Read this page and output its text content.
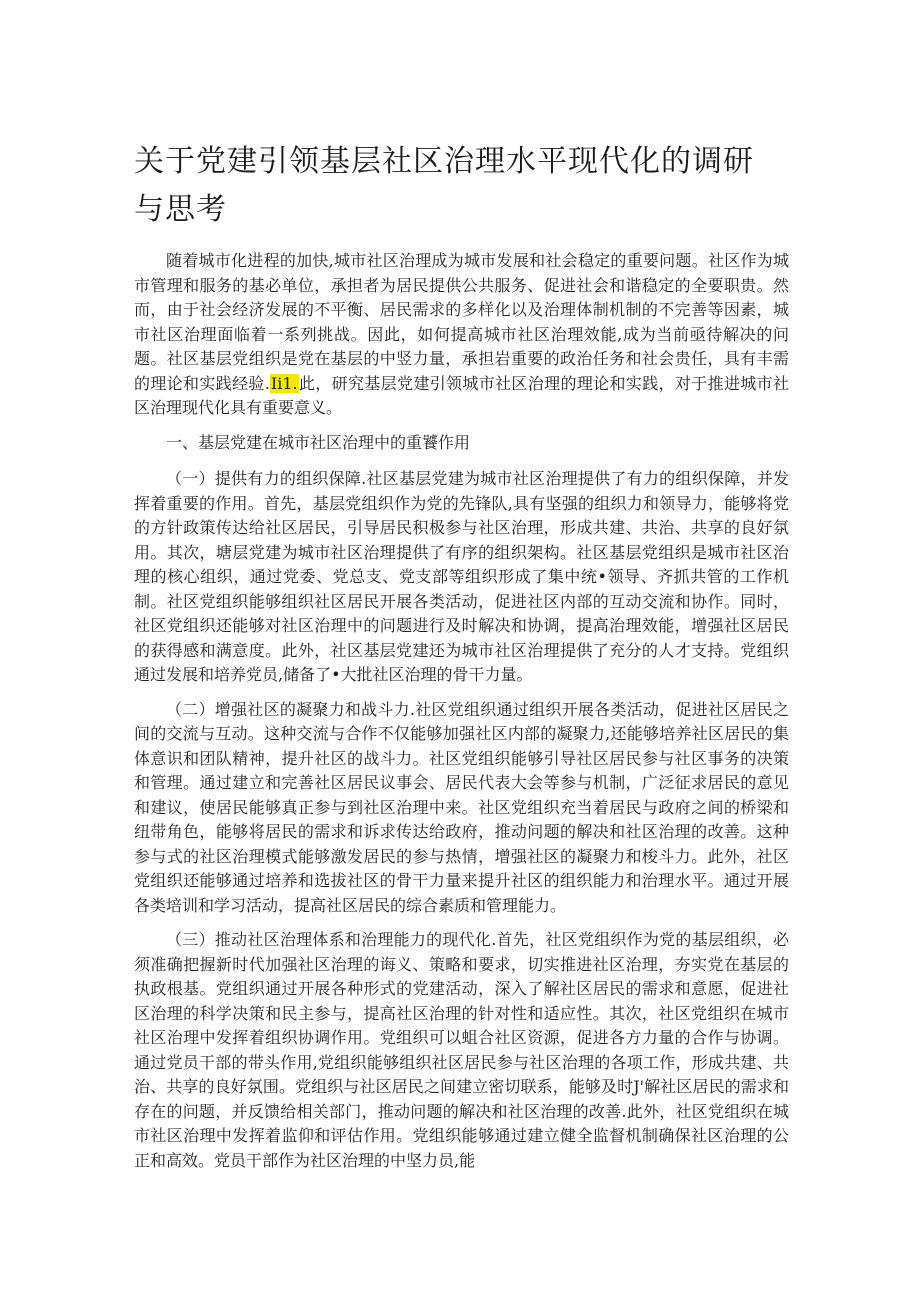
关于党建引领基层社区治理水平现代化的调研与思考

随着城市化进程的加快,城市社区治理成为城市发展和社会稳定的重要问题。社区作为城市管理和服务的基必单位，承担者为居民提供公共服务、促进社会和谐稳定的全要职贵。然而，由于社会经济发展的不平衡、居民需求的多样化以及治理体制机制的不完善等因素，城市社区治理面临着一系列挑战。因此，如何提高城市社区治理效能,成为当前亟待解决的问题。社区基层党组织是党在基层的中竖力量，承担岩重要的政治任务和社会贵任，具有丰需的理论和实践经验.Ii1.此，研究基层党建引领城市社区治理的理论和实践，对于推进城市社区治理现代化具有重要意义。

一、基层党建在城市社区治理中的重饕作用

（一）提供有力的组织保障.社区基层党建为城市社区治理提供了有力的组织保障，并发挥着重要的作用。首先，基层党组织作为党的先锋队,具有坚强的组织力和领导力，能够将党的方针政策传达给社区居民，引导居民积极参与社区治理，形成共建、共治、共享的良好氛用。其次，塘层党建为城市社区治理提供了有序的组织架构。社区基层党组织是城市社区治理的核心组织，通过党委、党总支、党支部等组织形成了集中统•领导、齐抓共管的工作机制。社区党组织能够组织社区居民开展各类活动，促进社区内部的互动交流和协作。同时，社区党组织还能够对社区治理中的问题进行及时解决和协调，提高治理效能，增强社区居民的获得感和满意度。此外，社区基层党建还为城市社区治理提供了充分的人才支持。党组织通过发展和培养党员,储备了•大批社区治理的骨干力量。

（二）增强社区的凝聚力和战斗力.社区党组织通过组织开展各类活动，促进社区居民之间的交流与互动。这种交流与合作不仅能够加强社区内部的凝聚力,还能够培养社区居民的集体意识和团队精神，提升社区的战斗力。社区党组织能够引导社区居民参与社区事务的决策和管理。通过建立和完善社区居民议事会、居民代表大会等参与机制，广泛征求居民的意见和建议，使居民能够真正参与到社区治理中来。社区党组织充当着居民与政府之间的桥梁和纽带角色，能够将居民的需求和诉求传达给政府，推动问题的解决和社区治理的改善。这种参与式的社区治理模式能够激发居民的参与热情，增强社区的凝聚力和梭斗力。此外，社区党组织还能够通过培养和选拔社区的骨干力量来提升社区的组织能力和治理水平。通过开展各类培训和学习活动，提高社区居民的综合素质和管理能力。

（三）推动社区治理体系和治理能力的现代化.首先，社区党组织作为党的基层组织，必须准确把握新时代加强社区治理的诲义、策略和要求，切实推进社区治理，夯实党在基层的执政根基。党组织通过开展各种形式的党建活动，深入了解社区居民的需求和意愿，促进社区治理的科学决策和民主参与，提高社区治理的针对性和适应性。其次，社区党组织在城市社区治理中发挥着组织协调作用。党组织可以蛆合社区资源，促进各方力量的合作与协调。通过党员干部的带头作用,党组织能够组织社区居民参与社区治理的各项工作，形成共建、共治、共享的良好氛围。党组织与社区居民之间建立密切联系，能够及时J'解社区居民的需求和存在的问题，并反馈给相关部门，推动问题的解决和社区治理的改善.此外，社区党组织在城市社区治理中发挥着监仰和评估作用。党组织能够通过建立健全监督机制确保社区治理的公正和高效。党员干部作为社区治理的中坚力员,能
